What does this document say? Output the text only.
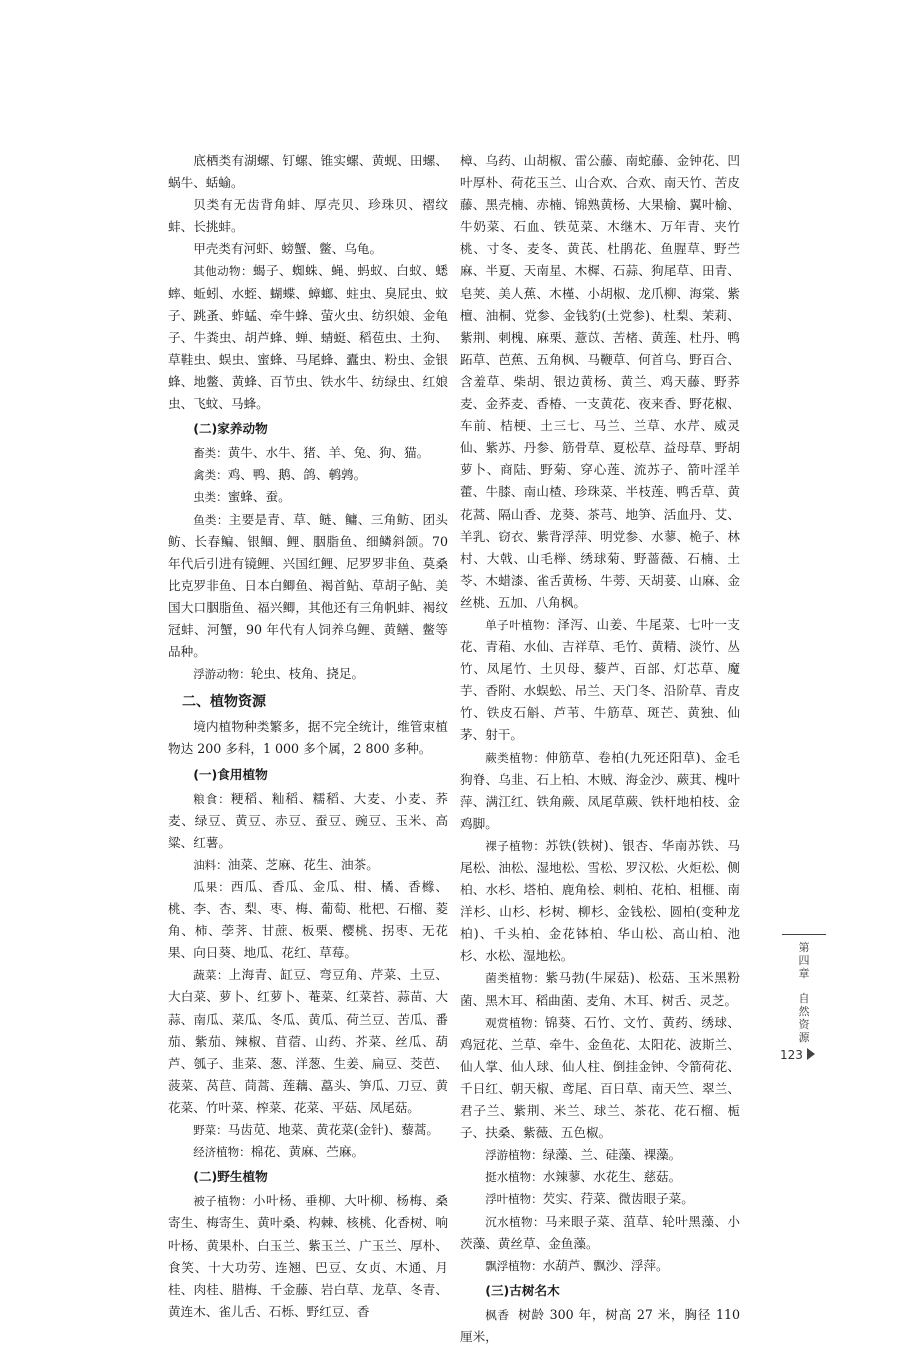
底栖类有湖螺、钉螺、锥实螺、黄蚬、田螺、蜗牛、蛞蝓。

贝类有无齿背角蚌、厚壳贝、珍珠贝、褶纹蚌、长挑蚌。

甲壳类有河虾、螃蟹、鳖、乌龟。

其他动物：蝎子、蜘蛛、蝇、蚂蚁、白蚁、蟋蟀、蚯蚓、水蛭、蝴蝶、蟑螂、蛀虫、臭屁虫、蚊子、跳蚤、蚱蜢、牵牛蜂、萤火虫、纺织娘、金龟子、牛粪虫、胡芦蜂、蝉、蜻蜓、稻苞虫、土狗、草鞋虫、蜈虫、蜜蜂、马尾蜂、蠹虫、粉虫、金银蜂、地鳖、黄蜂、百节虫、铁水牛、纺绿虫、红娘虫、飞蚊、马蜂。

(二)家养动物

畜类：黄牛、水牛、猪、羊、兔、狗、猫。

禽类：鸡、鸭、鹅、鸽、鹌鹑。

虫类：蜜蜂、蚕。

鱼类：主要是青、草、鲢、鳙、三角鲂、团头鲂、长春鳊、银鲴、鲤、胭脂鱼、细鳞斜颌。70 年代后引进有镜鲤、兴国红鲤、尼罗罗非鱼、莫桑比克罗非鱼、日本白鲫鱼、褐首鲇、草胡子鲇、美国大口胭脂鱼、福兴鲫，其他还有三角帆蚌、褐纹冠蚌、河蟹，90 年代有人饲养乌鲤、黄鳝、鳖等品种。

浮游动物：轮虫、枝角、挠足。

二、植物资源

境内植物种类繁多，据不完全统计，维管束植物达 200 多科，1 000 多个属，2 800 多种。

(一)食用植物

粮食：粳稻、籼稻、糯稻、大麦、小麦、荞麦、绿豆、黄豆、赤豆、蚕豆、豌豆、玉米、高粱、红薯。

油料：油菜、芝麻、花生、油茶。

瓜果：西瓜、香瓜、金瓜、柑、橘、香橼、桃、李、杏、梨、枣、梅、葡萄、枇杷、石榴、菱角、柿、荸荠、甘蔗、板栗、樱桃、拐枣、无花果、向日葵、地瓜、花红、草莓。

蔬菜：上海青、缸豆、弯豆角、芹菜、土豆、大白菜、萝卜、红萝卜、菴菜、红菜苔、蒜苗、大蒜、南瓜、菜瓜、冬瓜、黄瓜、荷兰豆、苦瓜、番茄、紫茄、辣椒、苜蓿、山药、芥菜、丝瓜、葫芦、瓠子、韭菜、葱、洋葱、生姜、扁豆、茭芭、菠菜、莴苣、茼蒿、莲藕、藠头、笋瓜、刀豆、黄花菜、竹叶菜、榨菜、花菜、平菇、凤尾菇。

野菜：马齿苋、地菜、黄花菜(金针)、藜蒿。

经济植物：棉花、黄麻、苎麻。

(二)野生植物

被子植物：小叶杨、垂柳、大叶柳、杨梅、桑寄生、梅寄生、黄叶桑、构棘、核桃、化香树、响叶杨、黄果朴、白玉兰、紫玉兰、广玉兰、厚朴、食笑、十大功劳、连翘、巴豆、女贞、木通、月桂、肉桂、腊梅、千金藤、岩白草、龙草、冬青、黄连木、雀儿舌、石栎、野红豆、香

樟、乌药、山胡椒、雷公藤、南蛇藤、金钟花、凹叶厚朴、荷花玉兰、山合欢、合欢、南天竹、苦皮藤、黑壳楠、赤楠、锦熟黄杨、大果榆、翼叶榆、牛奶菜、石血、铁苋菜、木继木、万年青、夹竹桃、寸冬、麦冬、黄芪、杜鹃花、鱼腥草、野苎麻、半夏、天南星、木樨、石蒜、狗尾草、田青、皂荚、美人蕉、木槿、小胡椒、龙爪柳、海棠、紫檀、油桐、党参、金钱豹(土党参)、杜梨、茉莉、紫荆、刺槐、麻栗、薏苡、苦楮、黄莲、杜丹、鸭跖草、芭蕉、五角枫、马鞭草、何首乌、野百合、含羞草、柴胡、银边黄杨、黄兰、鸡天藤、野荞麦、金荞麦、香椿、一支黄花、夜来香、野花椒、车前、桔梗、土三七、马兰、兰草、水芹、威灵仙、紫苏、丹参、筋骨草、夏松草、益母草、野胡萝卜、商陆、野菊、穿心莲、流苏子、箭叶淫羊藿、牛膝、南山楂、珍珠菜、半枝莲、鸭舌草、黄花蒿、隔山香、龙葵、茶芎、地笋、活血丹、艾、羊乳、窃衣、紫背浮萍、明党参、水蓼、桅子、林村、大戟、山毛榉、绣球菊、野蔷薇、石楠、土苓、木蜡漆、雀舌黄杨、牛蒡、天胡荽、山麻、金丝桃、五加、八角枫。

单子叶植物：泽泻、山姜、牛尾菜、七叶一支花、青葙、水仙、吉祥草、毛竹、黄精、淡竹、丛竹、凤尾竹、土贝母、藜芦、百部、灯芯草、魔芋、香附、水蜈蚣、吊兰、天门冬、沿阶草、青皮竹、铁皮石斛、芦苇、牛筋草、斑芒、黄独、仙茅、射干。

蕨类植物：伸筋草、卷柏(九死还阳草)、金毛狗脊、乌韭、石上柏、木贼、海金沙、蕨萁、槐叶萍、满江红、铁角蕨、凤尾草蕨、铁杆地柏枝、金鸡脚。

裸子植物：苏铁(铁树)、银杏、华南苏铁、马尾松、油松、湿地松、雪松、罗汉松、火炬松、侧柏、水杉、塔柏、鹿角桧、刺柏、花柏、柤榧、南洋杉、山杉、杉树、柳杉、金钱松、圆柏(变种龙柏)、千头柏、金花钵柏、华山松、高山柏、池杉、水松、湿地松。

菌类植物：紫马勃(牛屎菇)、松菇、玉米黑粉菌、黑木耳、稻曲菌、麦角、木耳、树舌、灵芝。

观赏植物：锦葵、石竹、文竹、黄药、绣球、鸡冠花、兰草、牵牛、金鱼花、太阳花、波斯兰、仙人掌、仙人球、仙人柱、倒挂金钟、令箭荷花、千日红、朝天椒、鸢尾、百日草、南天竺、翠兰、君子兰、紫荆、米兰、球兰、茶花、花石榴、栀子、扶桑、紫薇、五色椒。

浮游植物：绿藻、兰、硅藻、裸藻。

挺水植物：水辣蓼、水花生、慈菇。

浮叶植物：芡实、荇菜、微齿眼子菜。

沉水植物：马来眼子菜、菹草、轮叶黑藻、小茨藻、黄丝草、金鱼藻。

飘浮植物：水葫芦、飘沙、浮萍。

(三)古树名木

枫香 树龄 300 年，树高 27 米，胸径 110 厘米，

第四章
自然资源
123
